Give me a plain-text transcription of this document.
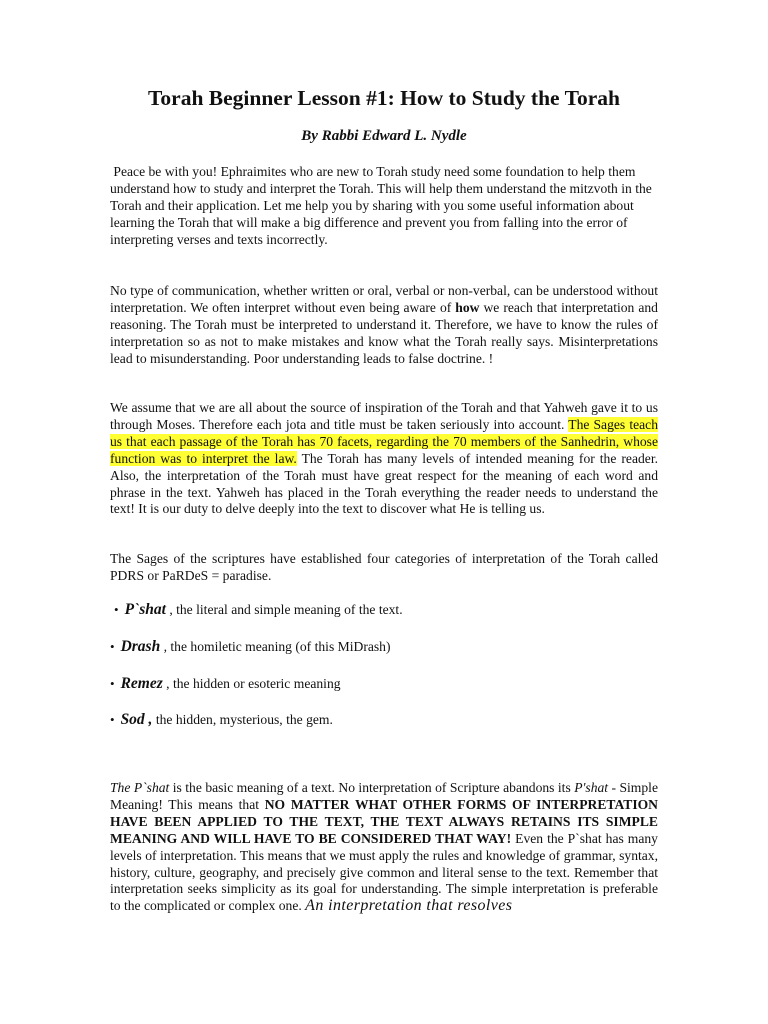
Torah Beginner Lesson #1: How to Study the Torah
By Rabbi Edward L. Nydle

Peace be with you! Ephraimites who are new to Torah study need some foundation to help them understand how to study and interpret the Torah. This will help them understand the mitzvoth in the Torah and their application. Let me help you by sharing with you some useful information about learning the Torah that will make a big difference and prevent you from falling into the error of interpreting verses and texts incorrectly.

No type of communication, whether written or oral, verbal or non-verbal, can be understood without interpretation. We often interpret without even being aware of how we reach that interpretation and reasoning. The Torah must be interpreted to understand it. Therefore, we have to know the rules of interpretation so as not to make mistakes and know what the Torah really says. Misinterpretations lead to misunderstanding. Poor understanding leads to false doctrine. !

We assume that we are all about the source of inspiration of the Torah and that Yahweh gave it to us through Moses. Therefore each jota and title must be taken seriously into account. The Sages teach us that each passage of the Torah has 70 facets, regarding the 70 members of the Sanhedrin, whose function was to interpret the law. The Torah has many levels of intended meaning for the reader. Also, the interpretation of the Torah must have great respect for the meaning of each word and phrase in the text. Yahweh has placed in the Torah everything the reader needs to understand the text! It is our duty to delve deeply into the text to discover what He is telling us.

The Sages of the scriptures have established four categories of interpretation of the Torah called PDRS or PaRDeS = paradise.

• P`shat , the literal and simple meaning of the text.
• Drash , the homiletic meaning (of this MiDrash)
• Remez , the hidden or esoteric meaning
• Sod , the hidden, mysterious, the gem.

The P`shat is the basic meaning of a text. No interpretation of Scripture abandons its P'shat - Simple Meaning! This means that NO MATTER WHAT OTHER FORMS OF INTERPRETATION HAVE BEEN APPLIED TO THE TEXT, THE TEXT ALWAYS RETAINS ITS SIMPLE MEANING AND WILL HAVE TO BE CONSIDERED THAT WAY! Even the P`shat has many levels of interpretation. This means that we must apply the rules and knowledge of grammar, syntax, history, culture, geography, and precisely give common and literal sense to the text. Remember that interpretation seeks simplicity as its goal for understanding. The simple interpretation is preferable to the complicated or complex one. An interpretation that resolves
